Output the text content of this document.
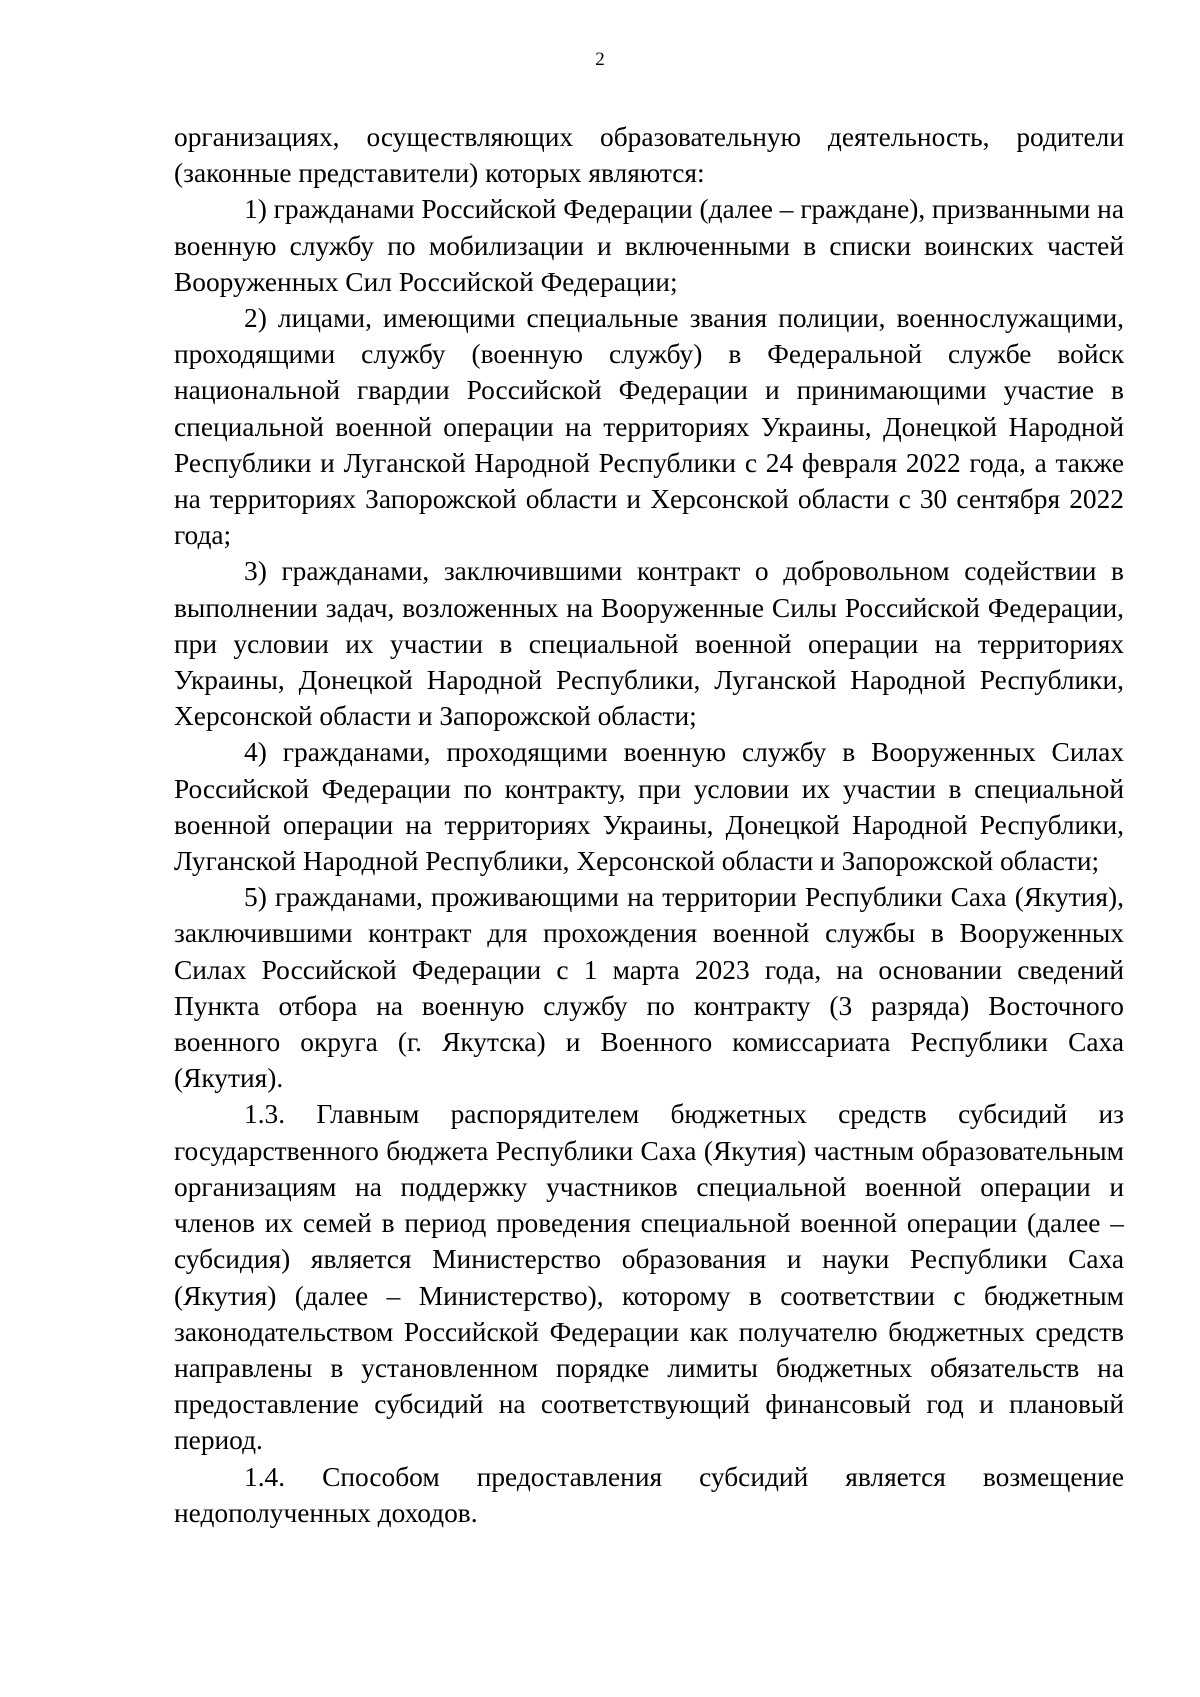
2

организациях, осуществляющих образовательную деятельность, родители (законные представители) которых являются:

1) гражданами Российской Федерации (далее – граждане), призванными на военную службу по мобилизации и включенными в списки воинских частей Вооруженных Сил Российской Федерации;

2) лицами, имеющими специальные звания полиции, военнослужащими, проходящими службу (военную службу) в Федеральной службе войск национальной гвардии Российской Федерации и принимающими участие в специальной военной операции на территориях Украины, Донецкой Народной Республики и Луганской Народной Республики с 24 февраля 2022 года, а также на территориях Запорожской области и Херсонской области с 30 сентября 2022 года;

3) гражданами, заключившими контракт о добровольном содействии в выполнении задач, возложенных на Вооруженные Силы Российской Федерации, при условии их участии в специальной военной операции на территориях Украины, Донецкой Народной Республики, Луганской Народной Республики, Херсонской области и Запорожской области;

4) гражданами, проходящими военную службу в Вооруженных Силах Российской Федерации по контракту, при условии их участии в специальной военной операции на территориях Украины, Донецкой Народной Республики, Луганской Народной Республики, Херсонской области и Запорожской области;

5) гражданами, проживающими на территории Республики Саха (Якутия), заключившими контракт для прохождения военной службы в Вооруженных Силах Российской Федерации с 1 марта 2023 года, на основании сведений Пункта отбора на военную службу по контракту (3 разряда) Восточного военного округа (г. Якутска) и Военного комиссариата Республики Саха (Якутия).

1.3. Главным распорядителем бюджетных средств субсидий из государственного бюджета Республики Саха (Якутия) частным образовательным организациям на поддержку участников специальной военной операции и членов их семей в период проведения специальной военной операции (далее – субсидия) является Министерство образования и науки Республики Саха (Якутия) (далее – Министерство), которому в соответствии с бюджетным законодательством Российской Федерации как получателю бюджетных средств направлены в установленном порядке лимиты бюджетных обязательств на предоставление субсидий на соответствующий финансовый год и плановый период.

1.4. Способом предоставления субсидий является возмещение недополученных доходов.
